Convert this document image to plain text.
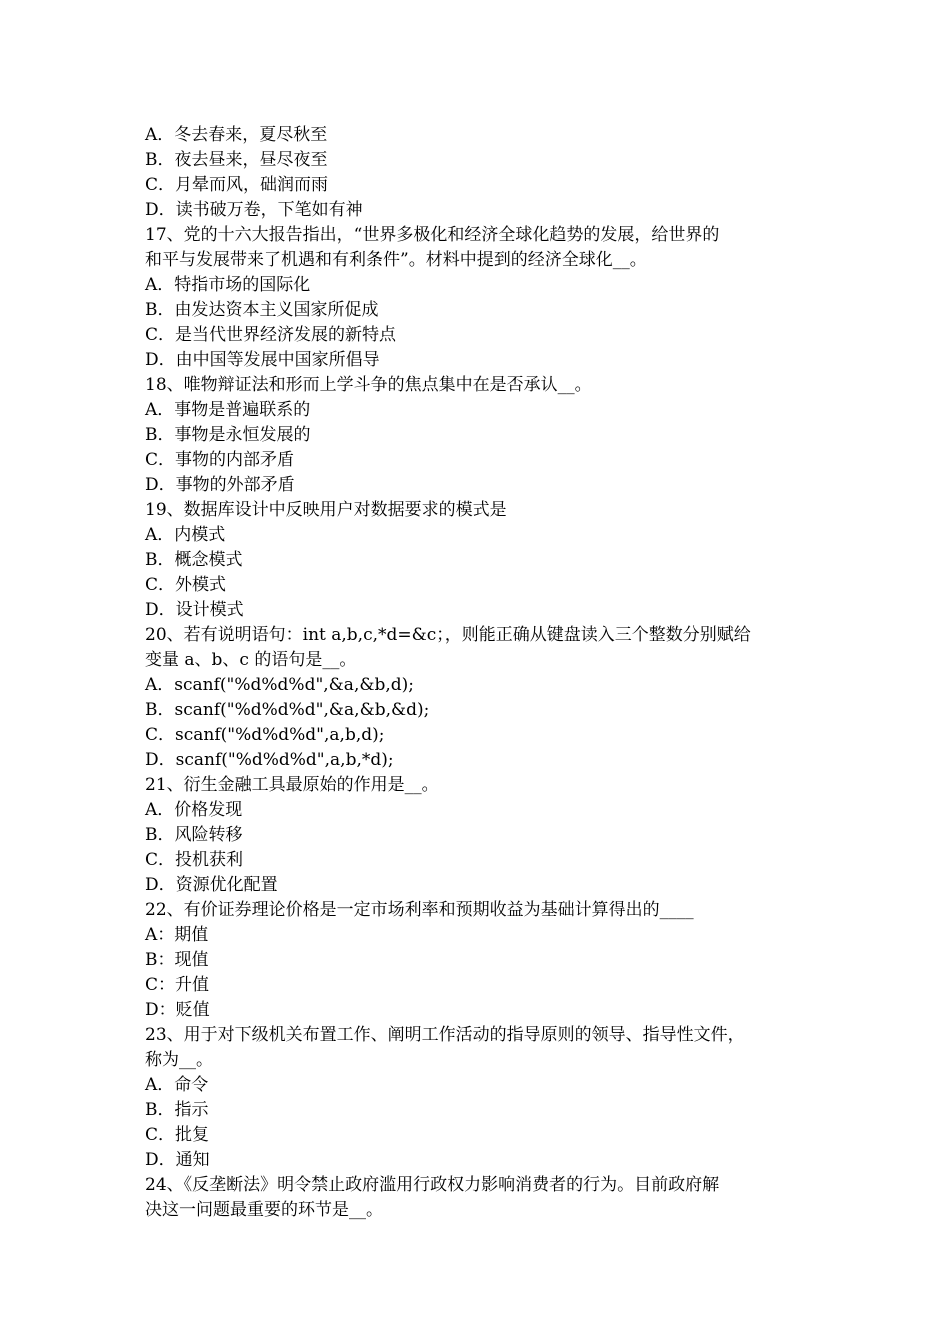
A．冬去春来，夏尽秋至
B．夜去昼来，昼尽夜至
C．月晕而风，础润而雨
D．读书破万卷，下笔如有神
17、党的十六大报告指出，“世界多极化和经济全球化趋势的发展，给世界的
和平与发展带来了机遇和有利条件”。材料中提到的经济全球化__。
A．特指市场的国际化
B．由发达资本主义国家所促成
C．是当代世界经济发展的新特点
D．由中国等发展中国家所倡导
18、唯物辩证法和形而上学斗争的焦点集中在是否承认__。
A．事物是普遍联系的
B．事物是永恒发展的
C．事物的内部矛盾
D．事物的外部矛盾
19、数据库设计中反映用户对数据要求的模式是
A．内模式
B．概念模式
C．外模式
D．设计模式
20、若有说明语句：int a,b,c,*d=&c；，则能正确从键盘读入三个整数分别赋给
变量 a、b、c 的语句是__。
A．scanf("%d%d%d",&a,&b,d);
B．scanf("%d%d%d",&a,&b,&d);
C．scanf("%d%d%d",a,b,d);
D．scanf("%d%d%d",a,b,*d);
21、衍生金融工具最原始的作用是__。
A．价格发现
B．风险转移
C．投机获利
D．资源优化配置
22、有价证券理论价格是一定市场利率和预期收益为基础计算得出的____
A：期值
B：现值
C：升值
D：贬值
23、用于对下级机关布置工作、阐明工作活动的指导原则的领导、指导性文件，
称为__。
A．命令
B．指示
C．批复
D．通知
24、《反垄断法》明令禁止政府滥用行政权力影响消费者的行为。目前政府解
决这一问题最重要的环节是__。
